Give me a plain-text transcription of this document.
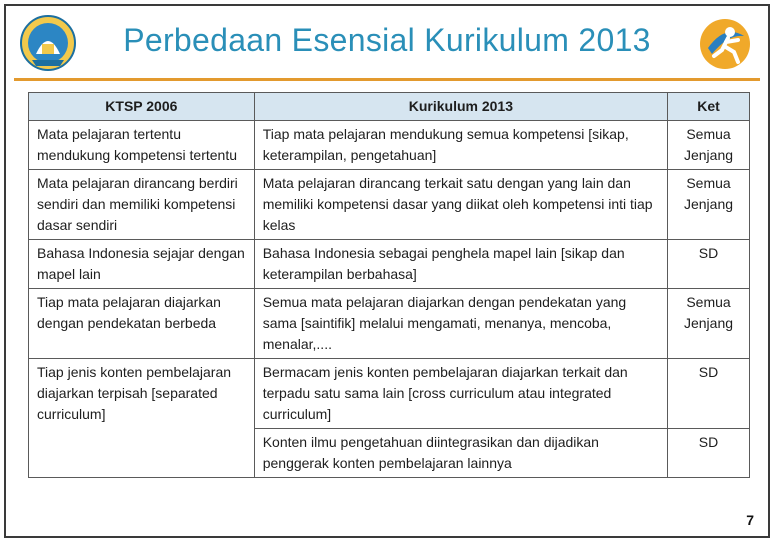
Perbedaan Esensial Kurikulum 2013
KTSP 2006	Kurikulum 2013	Ket
Mata pelajaran tertentu mendukung kompetensi tertentu	Tiap mata pelajaran mendukung semua kompetensi [sikap, keterampilan, pengetahuan]	Semua Jenjang
Mata pelajaran dirancang berdiri sendiri dan memiliki kompetensi dasar sendiri	Mata pelajaran dirancang terkait satu dengan yang lain dan memiliki kompetensi dasar yang diikat oleh kompetensi inti tiap kelas	Semua Jenjang
Bahasa Indonesia sejajar dengan mapel lain	Bahasa Indonesia sebagai penghela mapel lain [sikap dan keterampilan berbahasa]	SD
Tiap mata pelajaran diajarkan dengan pendekatan berbeda	Semua mata pelajaran diajarkan dengan pendekatan yang sama [saintifik] melalui mengamati, menanya, mencoba, menalar,....	Semua Jenjang
Tiap jenis konten pembelajaran diajarkan terpisah [separated curriculum]	Bermacam jenis konten pembelajaran diajarkan terkait dan terpadu satu sama lain [cross curriculum atau integrated curriculum]	SD
	Konten ilmu pengetahuan diintegrasikan dan dijadikan penggerak konten pembelajaran lainnya	SD
7
